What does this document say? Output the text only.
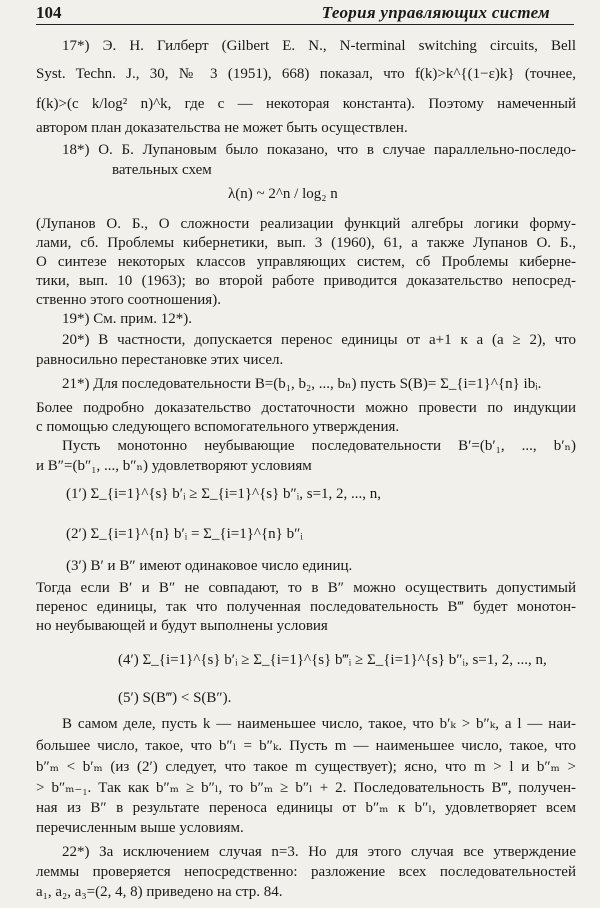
104	Теория управляющих систем
17*) Э. Н. Гилберт (Gilbert E. N., N-terminal switching circuits, Bell
Syst. Techn. J., 30, № 3 (1951), 668) показал, что f(k)>k^{(1−ε)k} (точнее,
f(k)>(c k/log² n)^k, где c — некоторая константа). Поэтому намеченный
автором план доказательства не может быть осуществлен.
18*) О. Б. Лупановым было показано, что в случае параллельно-последо-
вательных схем
λ(n) ~ 2^n / log₂ n
(Лупанов О. Б., О сложности реализации функций алгебры логики форму-
лами, сб. Проблемы кибернетики, вып. 3 (1960), 61, а также Лупанов О. Б.,
О синтезе некоторых классов управляющих систем, сб Проблемы киберне-
тики, вып. 10 (1963); во второй работе приводится доказательство непосред-
ственно этого соотношения).
19*) См. прим. 12*).
20*) В частности, допускается перенос единицы от a+1 к a (a ≥ 2), что
равносильно перестановке этих чисел.
21*) Для последовательности B=(b₁, b₂, ..., bₙ) пусть S(B)= Σ_{i=1}^{n} ibᵢ.
Более подробно доказательство достаточности можно провести по индукции
с помощью следующего вспомогательного утверждения.
Пусть монотонно неубывающие последовательности B′=(b′₁, ..., b′ₙ)
и B″=(b″₁, ..., b″ₙ) удовлетворяют условиям
(1′) Σ_{i=1}^{s} b′ᵢ ≥ Σ_{i=1}^{s} b″ᵢ, s=1, 2, ..., n,
(2′) Σ_{i=1}^{n} b′ᵢ = Σ_{i=1}^{n} b″ᵢ
(3′) B′ и B″ имеют одинаковое число единиц.
Тогда если B′ и B″ не совпадают, то в B″ можно осуществить допустимый
перенос единицы, так что полученная последовательность B‴ будет монотон-
но неубывающей и будут выполнены условия
(4′) Σ_{i=1}^{s} b′ᵢ ≥ Σ_{i=1}^{s} b‴ᵢ ≥ Σ_{i=1}^{s} b″ᵢ, s=1, 2, ..., n,
(5′) S(B‴) < S(B″).
В самом деле, пусть k — наименьшее число, такое, что b′ₖ > b″ₖ, а l — наи-
большее число, такое, что b″ₗ = b″ₖ. Пусть m — наименьшее число, такое, что
b″ₘ < b′ₘ (из (2′) следует, что такое m существует); ясно, что m > l и b″ₘ >
> b″ₘ₋₁. Так как b″ₘ ≥ b″ₗ, то b″ₘ ≥ b″ₗ + 2. Последовательность B‴, получен-
ная из B″ в результате переноса единицы от b″ₘ к b″ₗ, удовлетворяет всем
перечисленным выше условиям.
22*) За исключением случая n=3. Но для этого случая все утверждение
леммы проверяется непосредственно: разложение всех последовательностей
a₁, a₂, a₃=(2, 4, 8) приведено на стр. 84.
